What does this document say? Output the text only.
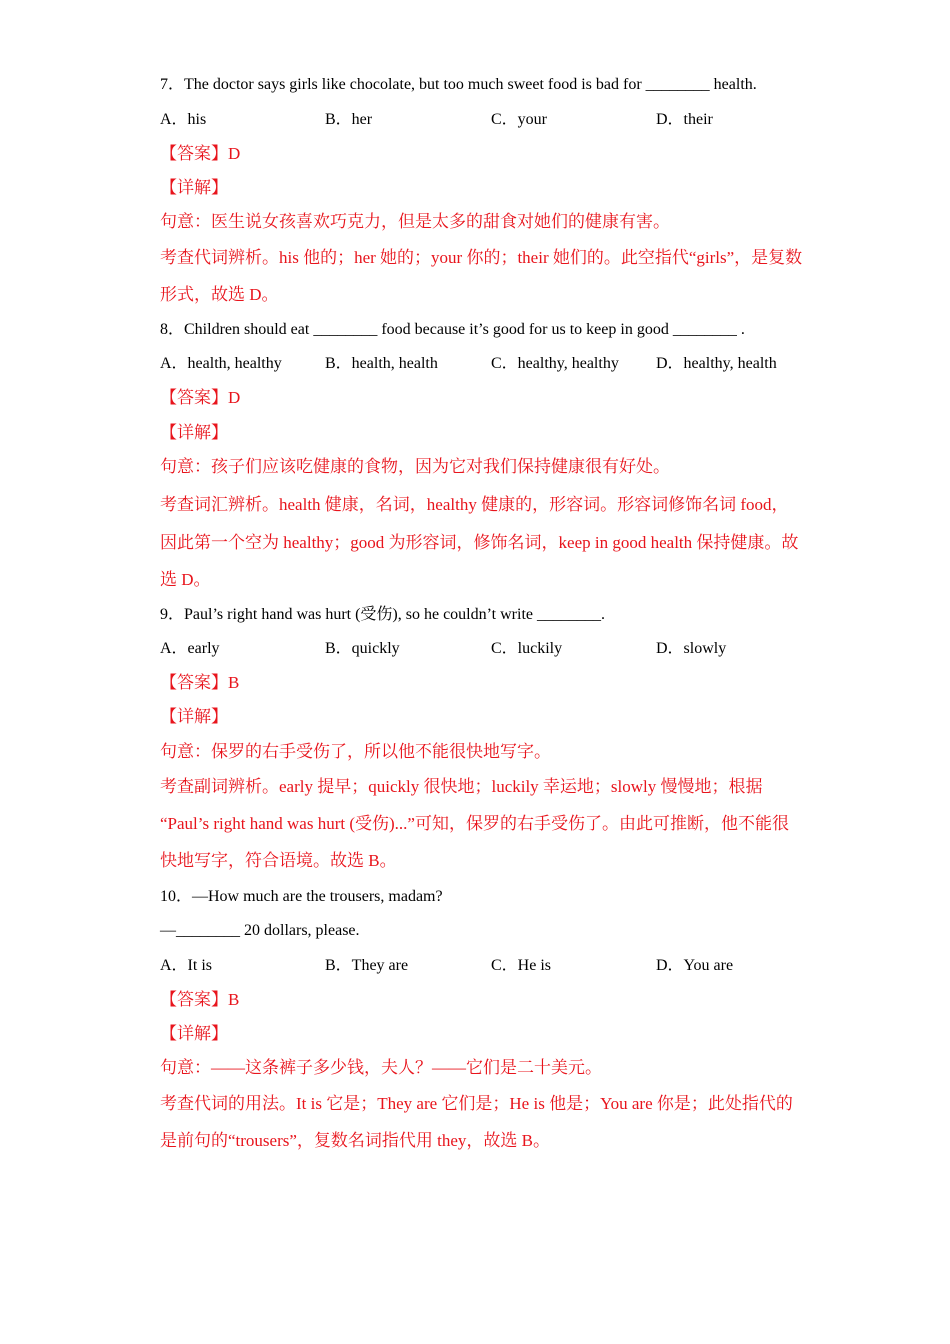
7．The doctor says girls like chocolate, but too much sweet food is bad for ________ health.
A．his	B．her	C．your	D．their
【答案】D
【详解】
句意：医生说女孩喜欢巧克力，但是太多的甜食对她们的健康有害。
考查代词辨析。his 他的；her 她的；your 你的；their 她们的。此空指代“girls”，是复数
形式，故选 D。
8．Children should eat ________ food because it’s good for us to keep in good ________ .
A．health, healthy	B．health, health	C．healthy, healthy D．healthy, health
【答案】D
【详解】
句意：孩子们应该吃健康的食物，因为它对我们保持健康很有好处。
考查词汇辨析。health 健康，名词，healthy 健康的，形容词。形容词修饰名词 food，
因此第一个空为 healthy；good 为形容词，修饰名词，keep in good health 保持健康。故
选 D。
9．Paul’s right hand was hurt (受伤), so he couldn’t write ________.
A．early	B．quickly	C．luckily	D．slowly
【答案】B
【详解】
句意：保罗的右手受伤了，所以他不能很快地写字。
考查副词辨析。early 提早；quickly 很快地；luckily 幸运地；slowly 慢慢地；根据
“Paul’s right hand was hurt (受伤)...”可知，保罗的右手受伤了。由此可推断，他不能很
快地写字，符合语境。故选 B。
10．—How much are the trousers, madam?
—________ 20 dollars, please.
A．It is	B．They are	C．He is	D．You are
【答案】B
【详解】
句意：——这条裤子多少钱，夫人？——它们是二十美元。
考查代词的用法。It is 它是；They are 它们是；He is 他是；You are 你是；此处指代的
是前句的“trousers”，复数名词指代用 they，故选 B。
